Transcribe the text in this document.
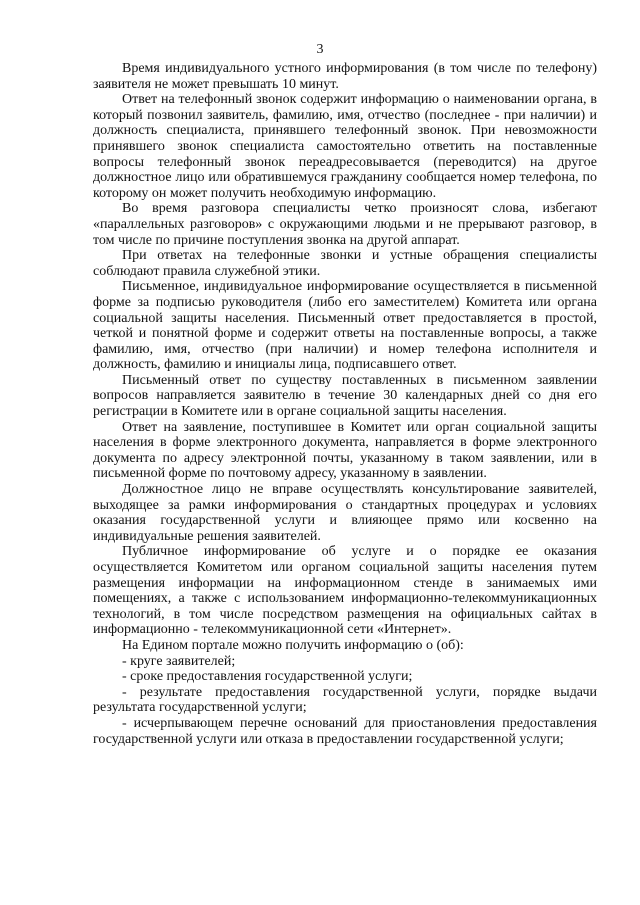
3

Время индивидуального устного информирования (в том числе по телефону) заявителя не может превышать 10 минут.

Ответ на телефонный звонок содержит информацию о наименовании органа, в который позвонил заявитель, фамилию, имя, отчество (последнее - при наличии) и должность специалиста, принявшего телефонный звонок. При невозможности принявшего звонок специалиста самостоятельно ответить на поставленные вопросы телефонный звонок переадресовывается (переводится) на другое должностное лицо или обратившемуся гражданину сообщается номер телефона, по которому он может получить необходимую информацию.

Во время разговора специалисты четко произносят слова, избегают «параллельных разговоров» с окружающими людьми и не прерывают разговор, в том числе по причине поступления звонка на другой аппарат.

При ответах на телефонные звонки и устные обращения специалисты соблюдают правила служебной этики.

Письменное, индивидуальное информирование осуществляется в письменной форме за подписью руководителя (либо его заместителем) Комитета или органа социальной защиты населения. Письменный ответ предоставляется в простой, четкой и понятной форме и содержит ответы на поставленные вопросы, а также фамилию, имя, отчество (при наличии) и номер телефона исполнителя и должность, фамилию и инициалы лица, подписавшего ответ.

Письменный ответ по существу поставленных в письменном заявлении вопросов направляется заявителю в течение 30 календарных дней со дня его регистрации в Комитете или в органе социальной защиты населения.

Ответ на заявление, поступившее в Комитет или орган социальной защиты населения в форме электронного документа, направляется в форме электронного документа по адресу электронной почты, указанному в таком заявлении, или в письменной форме по почтовому адресу, указанному в заявлении.

Должностное лицо не вправе осуществлять консультирование заявителей, выходящее за рамки информирования о стандартных процедурах и условиях оказания государственной услуги и влияющее прямо или косвенно на индивидуальные решения заявителей.

Публичное информирование об услуге и о порядке ее оказания осуществляется Комитетом или органом социальной защиты населения путем размещения информации на информационном стенде в занимаемых ими помещениях, а также с использованием информационно-телекоммуникационных технологий, в том числе посредством размещения на официальных сайтах в информационно - телекоммуникационной сети «Интернет».

На Едином портале можно получить информацию о (об):

- круге заявителей;

- сроке предоставления государственной услуги;

- результате предоставления государственной услуги, порядке выдачи результата государственной услуги;

- исчерпывающем перечне оснований для приостановления предоставления государственной услуги или отказа в предоставлении государственной услуги;
